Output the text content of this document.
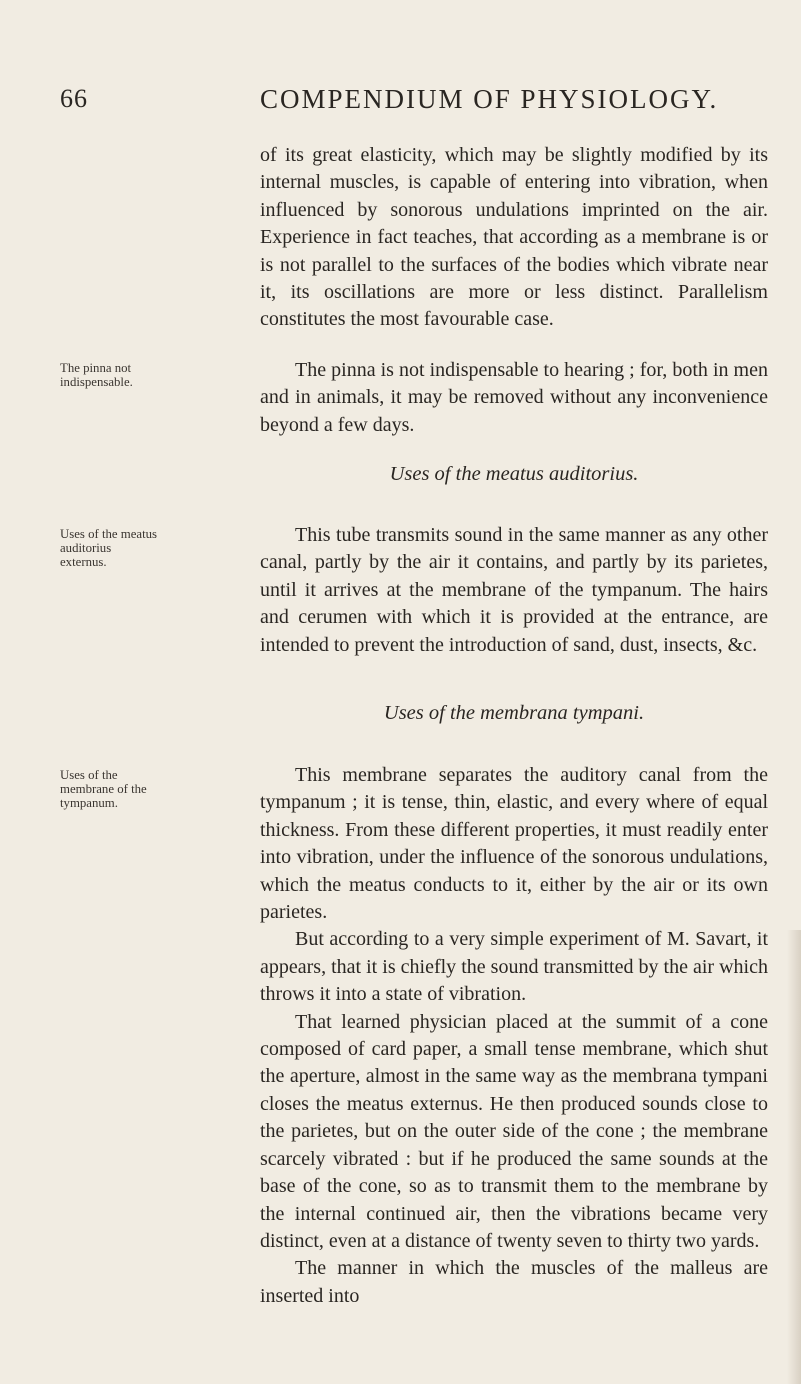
66	COMPENDIUM OF PHYSIOLOGY.

of its great elasticity, which may be slightly modified by its internal muscles, is capable of entering into vibration, when influenced by sonorous undulations imprinted on the air. Experience in fact teaches, that according as a membrane is or is not parallel to the surfaces of the bodies which vibrate near it, its oscillations are more or less distinct. Parallelism constitutes the most favourable case.

The pinna not indispensable.

The pinna is not indispensable to hearing ; for, both in men and in animals, it may be removed without any inconvenience beyond a few days.

Uses of the meatus auditorius.
Uses of the meatus auditorius externus.

This tube transmits sound in the same manner as any other canal, partly by the air it contains, and partly by its parietes, until it arrives at the membrane of the tympanum. The hairs and cerumen with which it is provided at the entrance, are intended to prevent the introduction of sand, dust, insects, &c.

Uses of the membrana tympani.
Uses of the membrane of the tympanum.

This membrane separates the auditory canal from the tympanum ; it is tense, thin, elastic, and every where of equal thickness. From these different properties, it must readily enter into vibration, under the influence of the sonorous undulations, which the meatus conducts to it, either by the air or its own parietes.

But according to a very simple experiment of M. Savart, it appears, that it is chiefly the sound transmitted by the air which throws it into a state of vibration.

That learned physician placed at the summit of a cone composed of card paper, a small tense membrane, which shut the aperture, almost in the same way as the membrana tympani closes the meatus externus. He then produced sounds close to the parietes, but on the outer side of the cone ; the membrane scarcely vibrated : but if he produced the same sounds at the base of the cone, so as to transmit them to the membrane by the internal continued air, then the vibrations became very distinct, even at a distance of twenty seven to thirty two yards.

The manner in which the muscles of the malleus are inserted into
